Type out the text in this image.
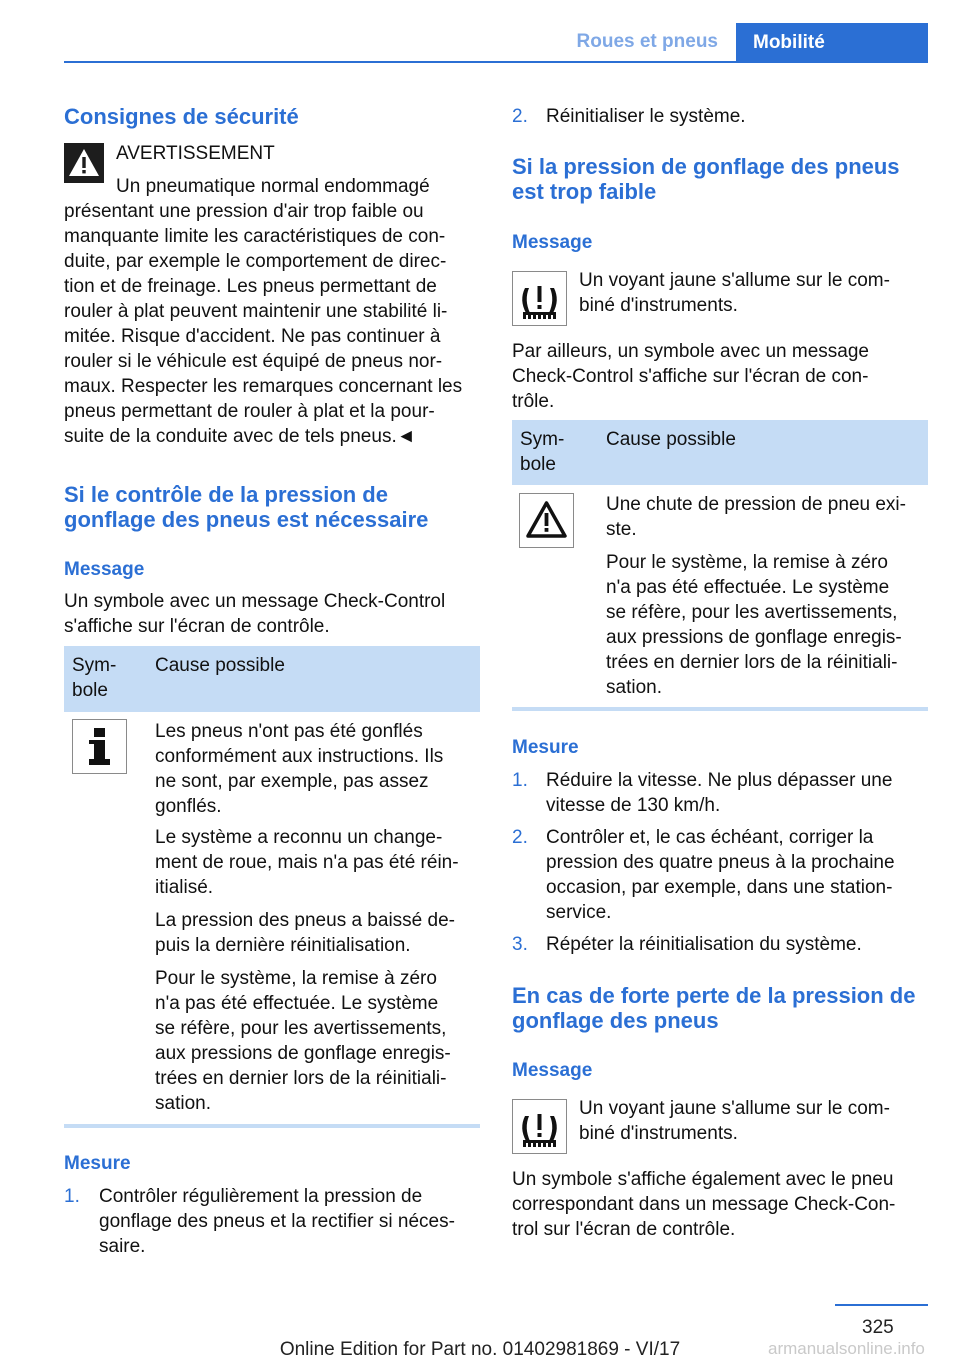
Roues et pneus	Mobilité
Consignes de sécurité
AVERTISSEMENT
Un pneumatique normal endommagé
présentant une pression d'air trop faible ou
manquante limite les caractéristiques de con-
duite, par exemple le comportement de direc-
tion et de freinage. Les pneus permettant de
rouler à plat peuvent maintenir une stabilité li-
mitée. Risque d'accident. Ne pas continuer à
rouler si le véhicule est équipé de pneus nor-
maux. Respecter les remarques concernant les
pneus permettant de rouler à plat et la pour-
suite de la conduite avec de tels pneus.◄
Si le contrôle de la pression de
gonflage des pneus est nécessaire
Message
Un symbole avec un message Check-Control
s'affiche sur l'écran de contrôle.
Sym-
bole
Cause possible
Les pneus n'ont pas été gonflés
conformément aux instructions. Ils
ne sont, par exemple, pas assez
gonflés.
Le système a reconnu un change-
ment de roue, mais n'a pas été réin-
itialisé.
La pression des pneus a baissé de-
puis la dernière réinitialisation.
Pour le système, la remise à zéro
n'a pas été effectuée. Le système
se réfère, pour les avertissements,
aux pressions de gonflage enregis-
trées en dernier lors de la réinitiali-
sation.
Mesure
1. Contrôler régulièrement la pression de
gonflage des pneus et la rectifier si néces-
saire.
2. Réinitialiser le système.
Si la pression de gonflage des pneus
est trop faible
Message
Un voyant jaune s'allume sur le com-
biné d'instruments.
Par ailleurs, un symbole avec un message
Check-Control s'affiche sur l'écran de con-
trôle.
Sym-
bole
Cause possible
Une chute de pression de pneu exi-
ste.
Pour le système, la remise à zéro
n'a pas été effectuée. Le système
se réfère, pour les avertissements,
aux pressions de gonflage enregis-
trées en dernier lors de la réinitiali-
sation.
Mesure
1. Réduire la vitesse. Ne plus dépasser une
vitesse de 130 km/h.
2. Contrôler et, le cas échéant, corriger la
pression des quatre pneus à la prochaine
occasion, par exemple, dans une station-
service.
3. Répéter la réinitialisation du système.
En cas de forte perte de la pression de
gonflage des pneus
Message
Un voyant jaune s'allume sur le com-
biné d'instruments.
Un symbole s'affiche également avec le pneu
correspondant dans un message Check-Con-
trol sur l'écran de contrôle.
325
Online Edition for Part no. 01402981869 - VI/17	armanualsonline.info
